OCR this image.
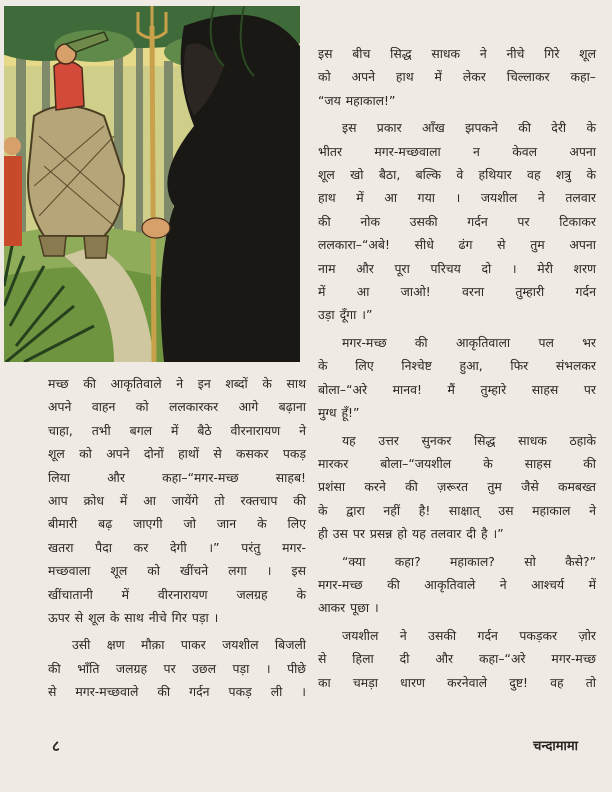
इस बीच सिद्ध साधक ने नीचे गिरे शूल

को अपने हाथ में लेकर चिल्लाकर कहा–

“जय महाकाल!”

इस प्रकार आँख झपकने की देरी के

भीतर मगर-मच्छवाला न केवल अपना

शूल खो बैठा, बल्कि वे हथियार वह शत्रु के

हाथ में आ गया । जयशील ने तलवार

की नोक उसकी गर्दन पर टिकाकर

ललकारा–“अबे! सीधे ढंग से तुम अपना

नाम और पूरा परिचय दो । मेरी शरण

में आ जाओ! वरना तुम्हारी गर्दन

उड़ा दूँगा ।”

मगर-मच्छ की आकृतिवाला पल भर

के लिए निश्चेष्ट हुआ, फिर संभलकर

बोला–“अरे मानव! मैं तुम्हारे साहस पर

मुग्ध हूँ!”

यह उत्तर सुनकर सिद्ध साधक ठहाके

मारकर बोला–“जयशील के साहस की

प्रशंसा करने की ज़रूरत तुम जैसे कमबख्त

के द्वारा नहीं है! साक्षात् उस महाकाल ने

ही उस पर प्रसन्न हो यह तलवार दी है ।”

“क्या कहा? महाकाल? सो कैसे?”

मगर-मच्छ की आकृतिवाले ने आश्चर्य में

आकर पूछा ।

जयशील ने उसकी गर्दन पकड़कर ज़ोर

से हिला दी और कहा–“अरे मगर-मच्छ

का चमड़ा धारण करनेवाले दुष्ट! वह तो

मच्छ की आकृतिवाले ने इन शब्दों के साथ

अपने वाहन को ललकारकर आगे बढ़ाना

चाहा, तभी बगल में बैठे वीरनारायण ने

शूल को अपने दोनों हाथों से कसकर पकड़

लिया और कहा–“मगर-मच्छ साहब!

आप क्रोध में आ जायेंगे तो रक्तचाप की

बीमारी बढ़ जाएगी जो जान के लिए

खतरा पैदा कर देगी ।” परंतु मगर-

मच्छवाला शूल को खींचने लगा । इस

खींचातानी में वीरनारायण जलग्रह के

ऊपर से शूल के साथ नीचे गिर पड़ा ।

उसी क्षण मौक़ा पाकर जयशील बिजली

की भाँति जलग्रह पर उछल पड़ा । पीछे

से मगर-मच्छवाले की गर्दन पकड़ ली ।

८	चन्दामामा
